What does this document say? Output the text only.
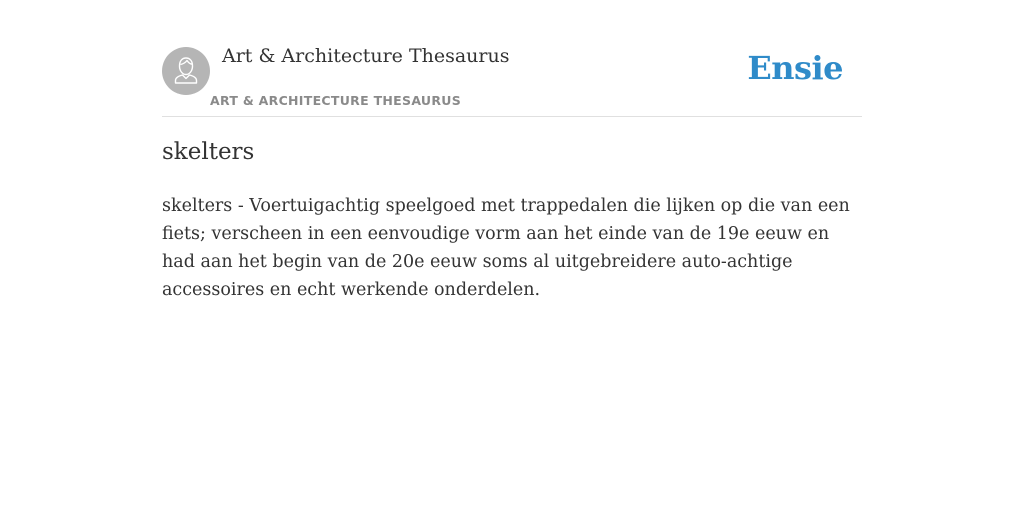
Art & Architecture Thesaurus
ART & ARCHITECTURE THESAURUS
Ensie
skelters

skelters - Voertuigachtig speelgoed met trappedalen die lijken op die van een fiets; verscheen in een eenvoudige vorm aan het einde van de 19e eeuw en had aan het begin van de 20e eeuw soms al uitgebreidere auto-achtige accessoires en echt werkende onderdelen.
